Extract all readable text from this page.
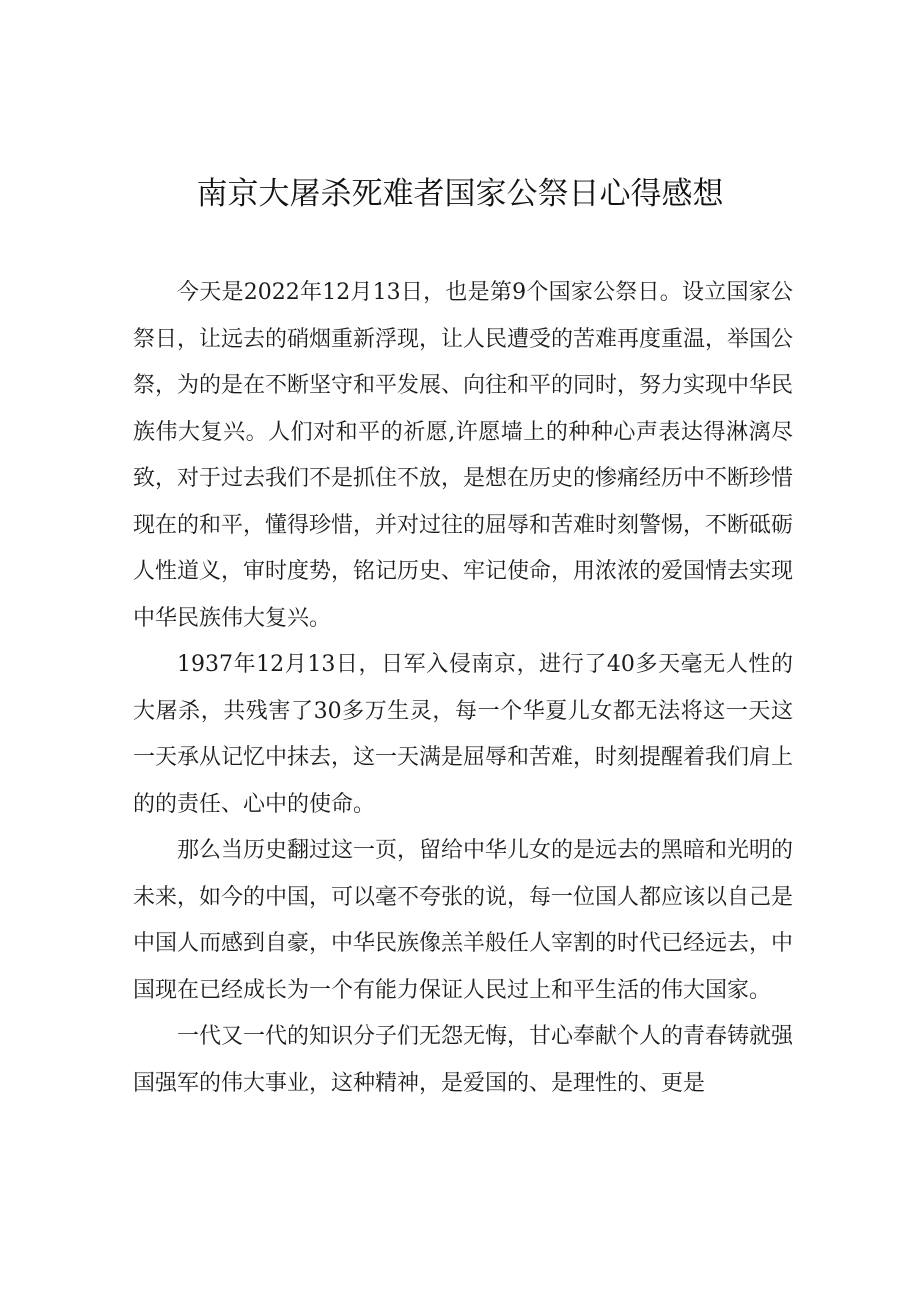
南京大屠杀死难者国家公祭日心得感想

今天是2022年12月13日，也是第9个国家公祭日。设立国家公祭日，让远去的硝烟重新浮现，让人民遭受的苦难再度重温，举国公祭，为的是在不断坚守和平发展、向往和平的同时，努力实现中华民族伟大复兴。人们对和平的祈愿,许愿墙上的种种心声表达得淋漓尽致，对于过去我们不是抓住不放，是想在历史的惨痛经历中不断珍惜现在的和平，懂得珍惜，并对过往的屈辱和苦难时刻警惕，不断砥砺人性道义，审时度势，铭记历史、牢记使命，用浓浓的爱国情去实现中华民族伟大复兴。

1937年12月13日，日军入侵南京，进行了40多天毫无人性的大屠杀，共残害了30多万生灵，每一个华夏儿女都无法将这一天这一天承从记忆中抹去，这一天满是屈辱和苦难，时刻提醒着我们肩上的的责任、心中的使命。

那么当历史翻过这一页，留给中华儿女的是远去的黑暗和光明的未来，如今的中国，可以毫不夸张的说，每一位国人都应该以自己是中国人而感到自豪，中华民族像羔羊般任人宰割的时代已经远去，中国现在已经成长为一个有能力保证人民过上和平生活的伟大国家。

一代又一代的知识分子们无怨无悔，甘心奉献个人的青春铸就强国强军的伟大事业，这种精神，是爱国的、是理性的、更是
